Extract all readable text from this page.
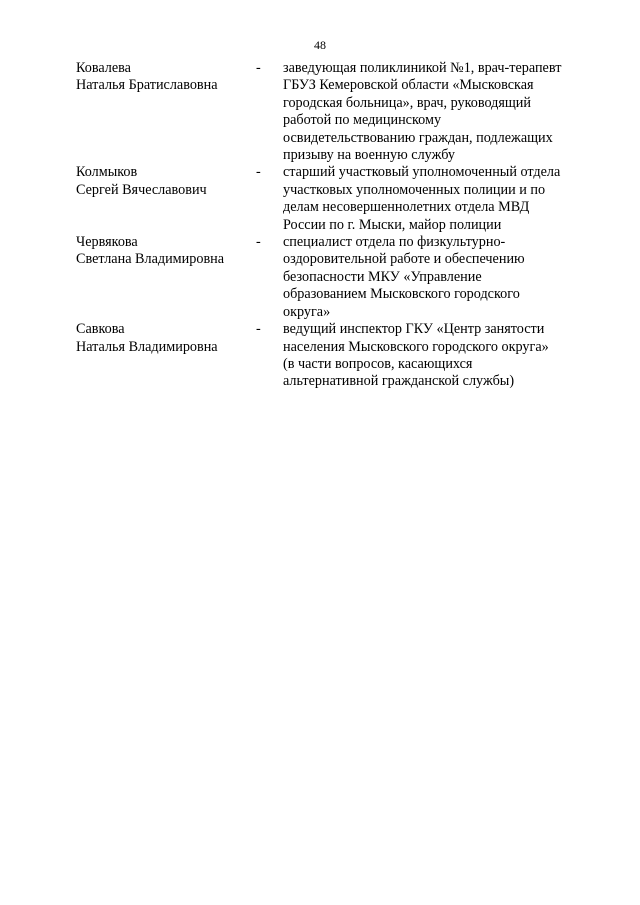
48
Ковалева
Наталья Братиславовна
-	заведующая поликлиникой №1, врач-терапевт
ГБУЗ Кемеровской области «Мысковская
городская больница», врач, руководящий
работой по медицинскому
освидетельствованию граждан, подлежащих
призыву на военную службу
Колмыков
Сергей Вячеславович
-	старший участковый уполномоченный отдела
участковых уполномоченных полиции и по
делам несовершеннолетних отдела МВД
России по г. Мыски, майор полиции
Червякова
Светлана Владимировна
-	специалист отдела по физкультурно-
оздоровительной работе и обеспечению
безопасности МКУ «Управление
образованием Мысковского городского
округа»
Савкова
Наталья Владимировна
-	ведущий инспектор ГКУ «Центр занятости
населения Мысковского городского округа»
(в части вопросов, касающихся
альтернативной гражданской службы)
